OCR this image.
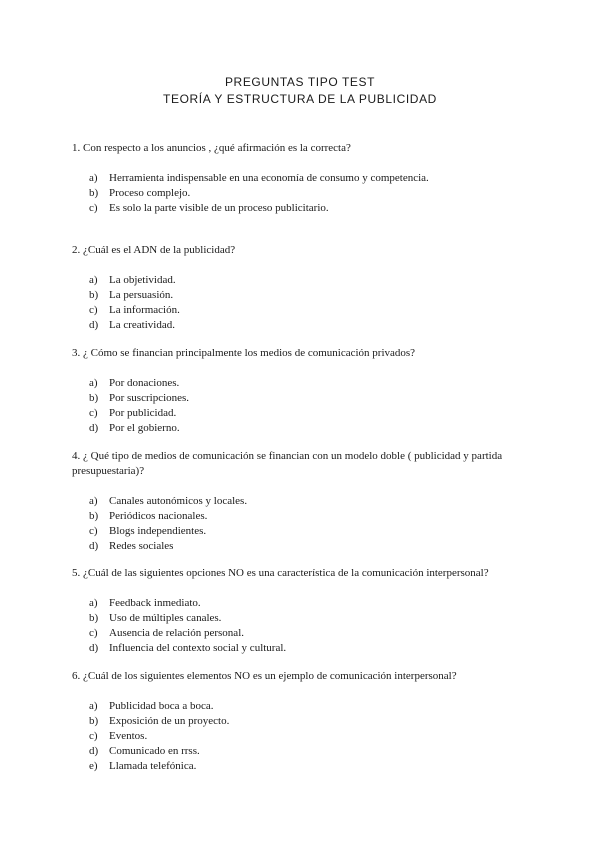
PREGUNTAS TIPO TEST
TEORÍA Y ESTRUCTURA DE LA PUBLICIDAD

1. Con respecto a los anuncios , ¿qué afirmación es la correcta?

a)	Herramienta indispensable en una economía de consumo y competencia.
b) Proceso complejo.
c)	Es solo la parte visible de un proceso publicitario.

2. ¿Cuál es el ADN de la publicidad?

a)	La objetividad.
b) La persuasión.
c)	La información.
d) La creatividad.

3. ¿ Cómo se financian principalmente los medios de comunicación privados?

a)	Por donaciones.
b) Por suscripciones.
c)	Por publicidad.
d) Por el gobierno.

4. ¿ Qué tipo de medios de comunicación se financian con un modelo doble ( publicidad y partida presupuestaria)?

a)	Canales autonómicos y locales.
b) Periódicos nacionales.
c)	Blogs independientes.
d) Redes sociales

5. ¿Cuál de las siguientes opciones NO es una característica de la comunicación interpersonal?

a)	Feedback inmediato.
b) Uso de múltiples canales.
c)	Ausencia de relación personal.
d) Influencia del contexto social y cultural.

6. ¿Cuál de los siguientes elementos NO es un ejemplo de comunicación interpersonal?

a)	Publicidad boca a boca.
b) Exposición de un proyecto.
c)	Eventos.
d) Comunicado en rrss.
e)	Llamada telefónica.
